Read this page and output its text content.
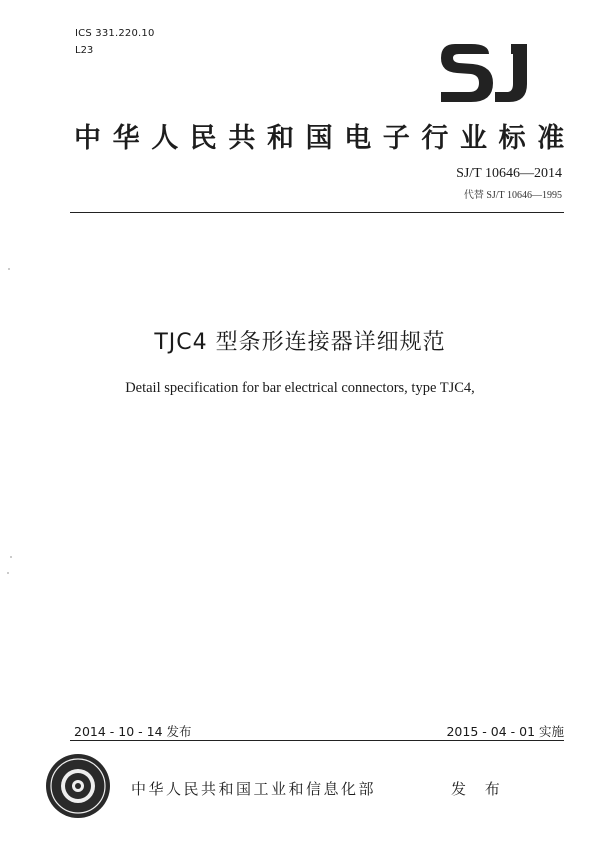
ICS 331.220.10
L23
中华人民共和国电子行业标准
SJ/T 10646—2014
代替 SJ/T 10646—1995
TJC4 型条形连接器详细规范
Detail specification for bar electrical connectors, type TJC4,
2014 - 10 - 14 发布	2015 - 04 - 01 实施
中华人民共和国工业和信息化部	发 布
